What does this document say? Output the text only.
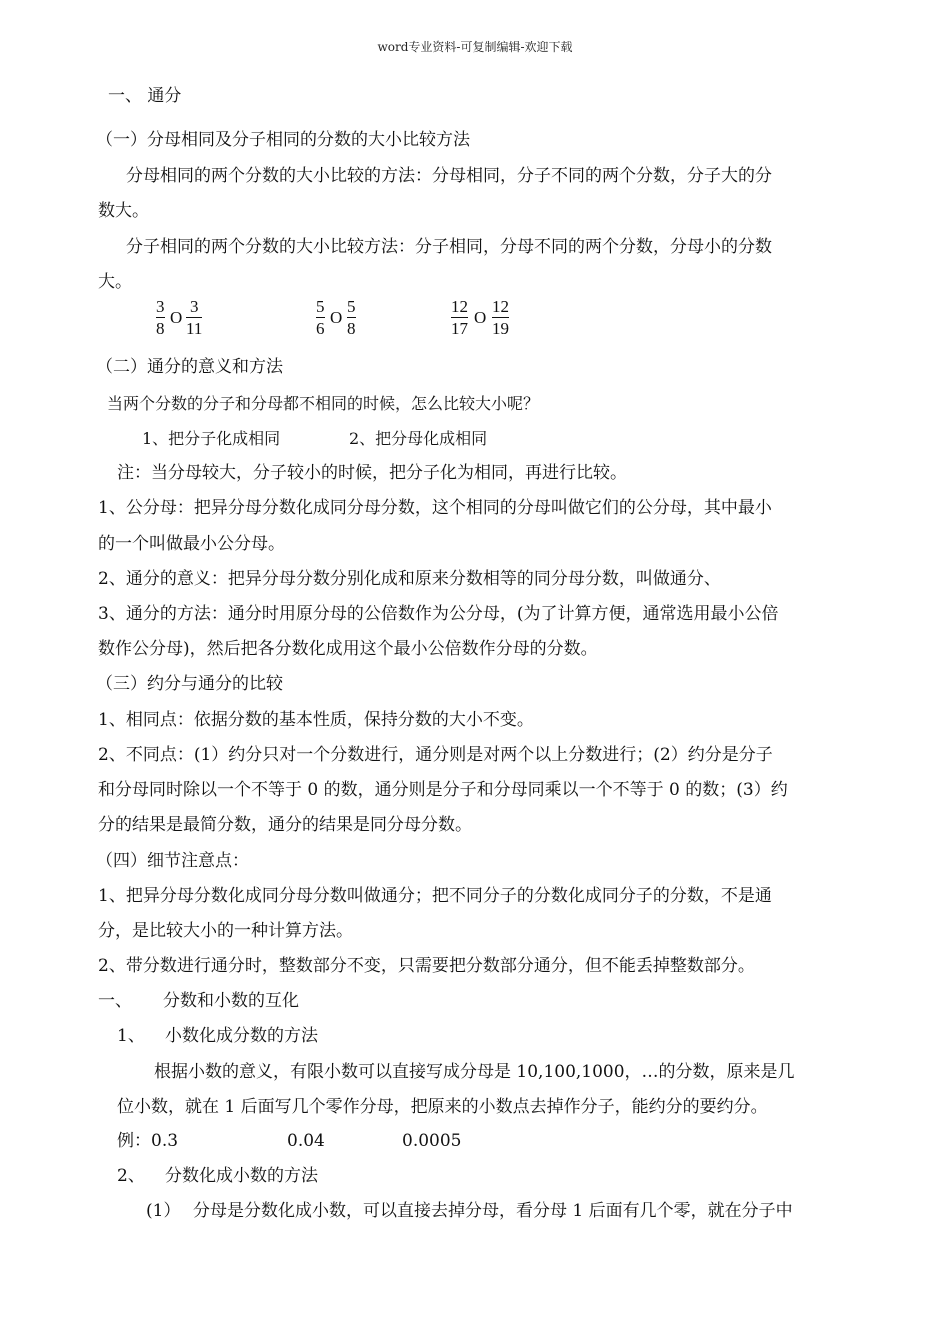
word专业资料-可复制编辑-欢迎下载
一、 通分
（一）分母相同及分子相同的分数的大小比较方法
分母相同的两个分数的大小比较的方法：分母相同，分子不同的两个分数，分子大的分
数大。
分子相同的两个分数的大小比较方法：分子相同，分母不同的两个分数，分母小的分数
大。
3
8
O
3
11
5
6
O
5
8
12
17
O
12
19
（二）通分的意义和方法
当两个分数的分子和分母都不相同的时候，怎么比较大小呢？
1、把分子化成相同	2、把分母化成相同
注：当分母较大，分子较小的时候，把分子化为相同，再进行比较。
1、公分母：把异分母分数化成同分母分数，这个相同的分母叫做它们的公分母，其中最小
的一个叫做最小公分母。
2、通分的意义：把异分母分数分别化成和原来分数相等的同分母分数，叫做通分、
3、通分的方法：通分时用原分母的公倍数作为公分母，(为了计算方便，通常选用最小公倍
数作公分母)，然后把各分数化成用这个最小公倍数作分母的分数。
（三）约分与通分的比较
1、相同点：依据分数的基本性质，保持分数的大小不变。
2、不同点：(1）约分只对一个分数进行，通分则是对两个以上分数进行；(2）约分是分子
和分母同时除以一个不等于 0 的数，通分则是分子和分母同乘以一个不等于 0 的数；(3）约
分的结果是最简分数，通分的结果是同分母分数。
（四）细节注意点：
1、把异分母分数化成同分母分数叫做通分；把不同分子的分数化成同分子的分数，不是通
分，是比较大小的一种计算方法。
2、带分数进行通分时，整数部分不变，只需要把分数部分通分，但不能丢掉整数部分。
一、 分数和小数的互化
1、 小数化成分数的方法
根据小数的意义，有限小数可以直接写成分母是 10,100,1000，…的分数，原来是几
位小数，就在 1 后面写几个零作分母，把原来的小数点去掉作分子，能约分的要约分。
例：0.3	0.04	0.0005
2、 分数化成小数的方法
(1） 分母是分数化成小数，可以直接去掉分母，看分母 1 后面有几个零，就在分子中
